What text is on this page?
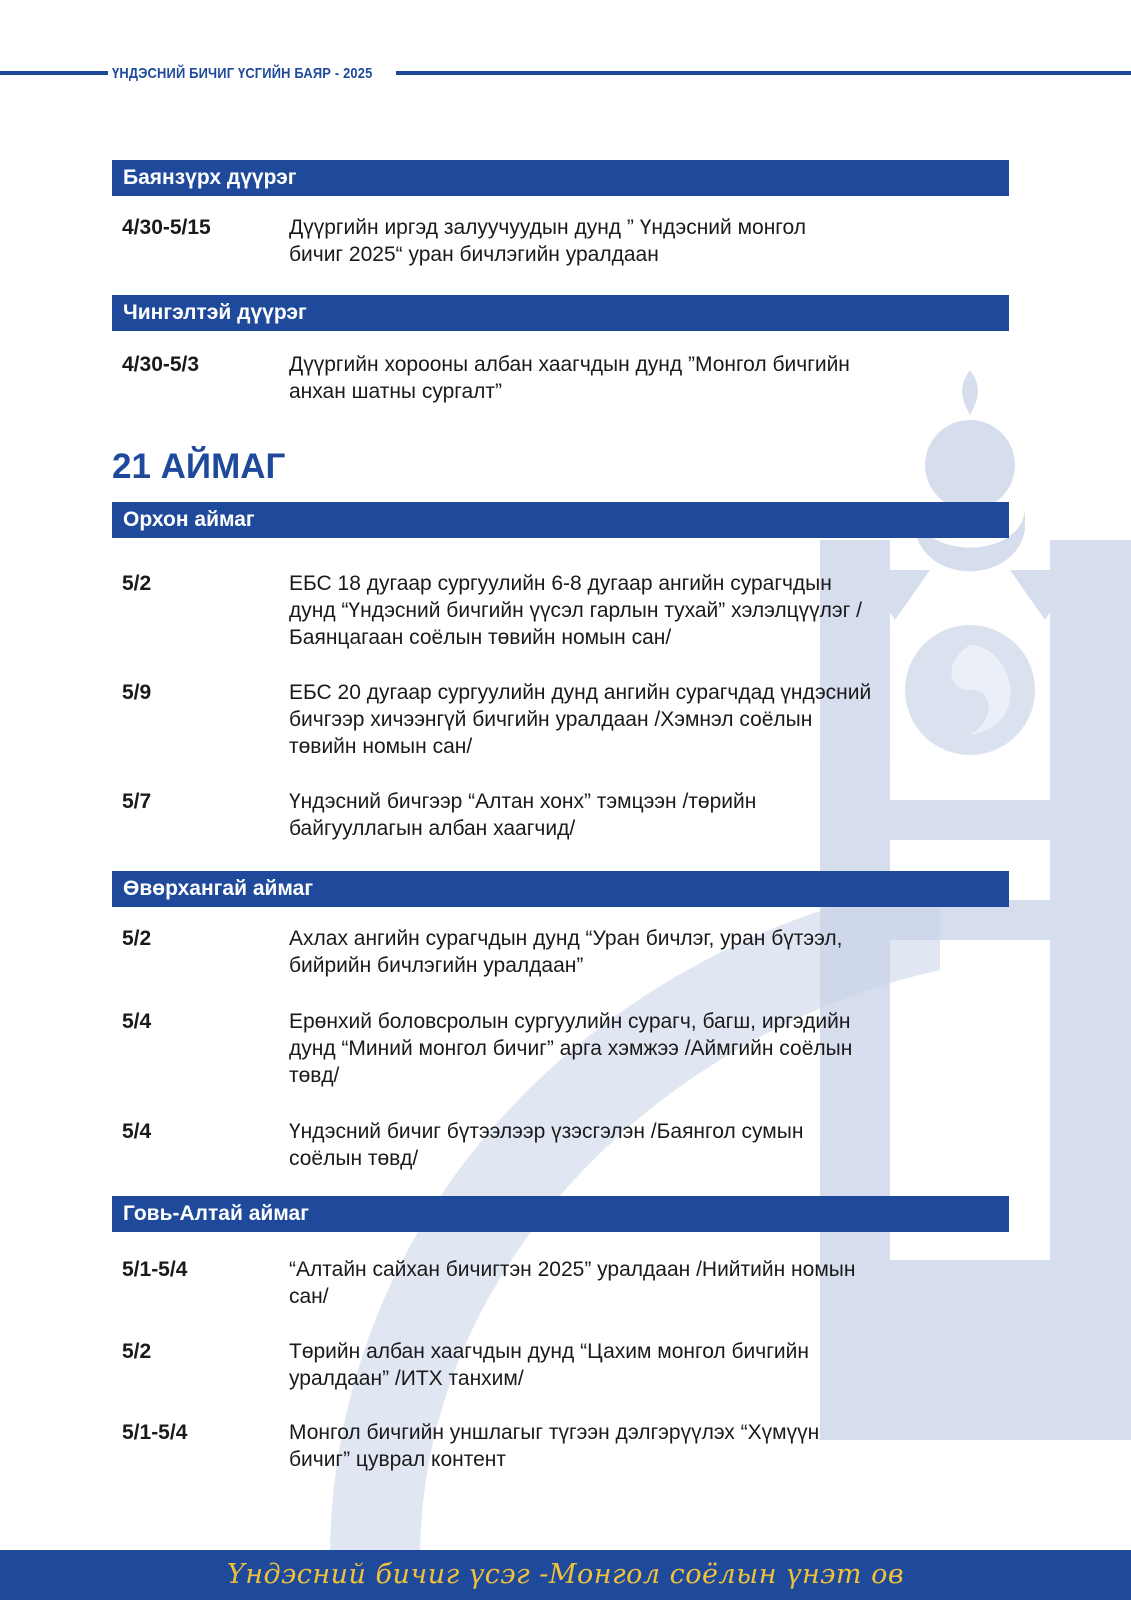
ҮНДЭСНИЙ БИЧИГ ҮСГИЙН БАЯР - 2025
Баянзүрх дүүрэг
4/30-5/15	Дүүргийн иргэд залуучуудын дунд ” Үндэсний монгол
бичиг 2025“ уран бичлэгийн уралдаан
Чингэлтэй дүүрэг
4/30-5/3	Дүүргийн хорооны албан хаагчдын дунд ”Монгол бичгийн
анхан шатны сургалт”
21 АЙМАГ
Орхон аймаг
5/2	ЕБС 18 дугаар сургуулийн 6-8 дугаар ангийн сурагчдын
дунд “Үндэсний бичгийн үүсэл гарлын тухай” хэлэлцүүлэг /
Баянцагаан соёлын төвийн номын сан/
5/9	ЕБС 20 дугаар сургуулийн дунд ангийн сурагчдад үндэсний
бичгээр хичээнгүй бичгийн уралдаан /Хэмнэл соёлын
төвийн номын сан/
5/7	Үндэсний бичгээр “Алтан хонх” тэмцээн /төрийн
байгууллагын албан хаагчид/
Өвөрхангай аймаг
5/2	Ахлах ангийн сурагчдын дунд “Уран бичлэг, уран бүтээл,
бийрийн бичлэгийн уралдаан”
5/4	Ерөнхий боловсролын сургуулийн сурагч, багш, иргэдийн
дунд “Миний монгол бичиг” арга хэмжээ /Аймгийн соёлын
төвд/
5/4	Үндэсний бичиг бүтээлээр үзэсгэлэн /Баянгол сумын
соёлын төвд/
Говь-Алтай аймаг
5/1-5/4	“Алтайн сайхан бичигтэн 2025” уралдаан /Нийтийн номын
сан/
5/2	Төрийн албан хаагчдын дунд “Цахим монгол бичгийн
уралдаан” /ИТХ танхим/
5/1-5/4	Монгол бичгийн уншлагыг түгээн дэлгэрүүлэх “Хүмүүн
бичиг” цуврал контент
Үндэсний бичиг үсэг -Монгол соёлын үнэт ов
